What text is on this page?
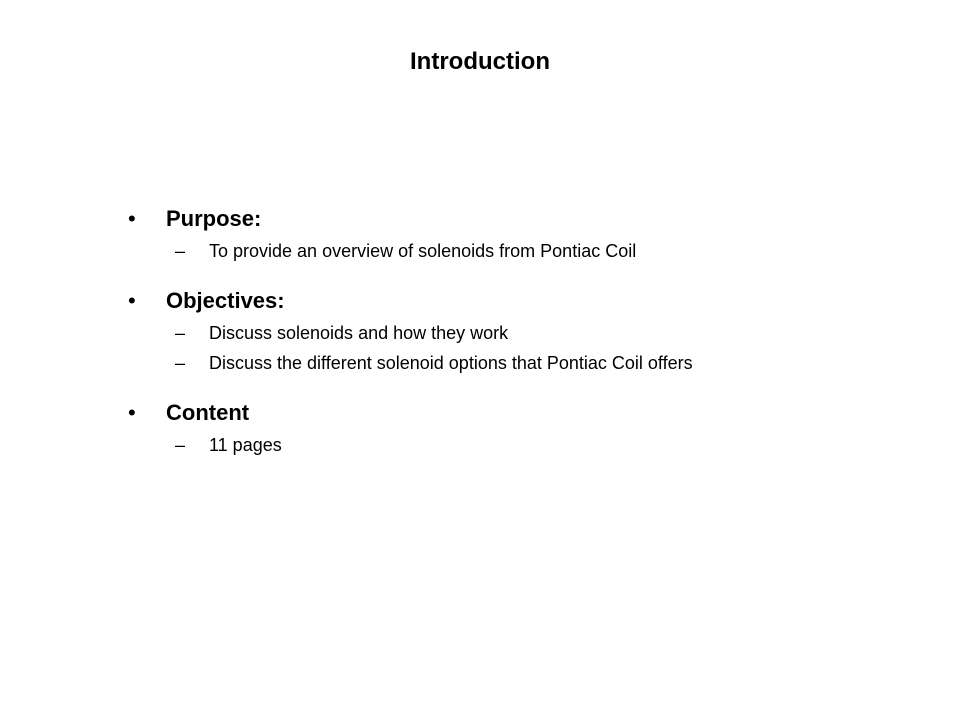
Introduction
•	Purpose:
–	To provide an overview of solenoids from Pontiac Coil
•	Objectives:
–	Discuss solenoids and how they work
–	Discuss the different solenoid options that Pontiac Coil offers
•	Content
–	11 pages
